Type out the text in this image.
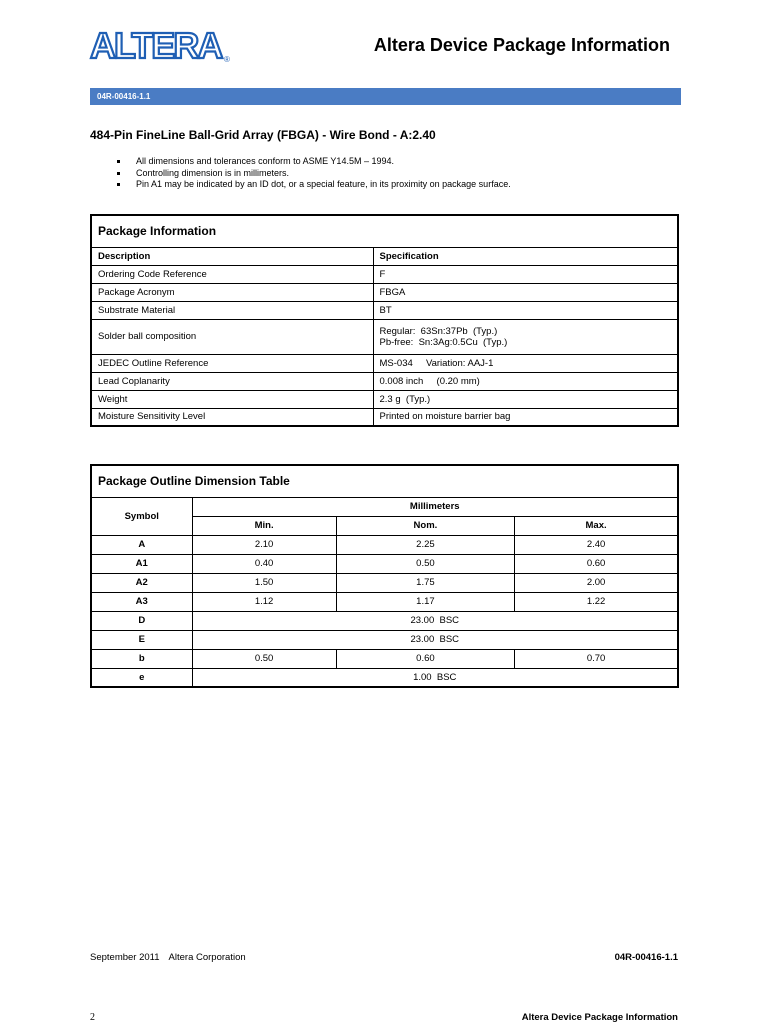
ALTERA ®
Altera Device Package Information
04R-00416-1.1
484-Pin FineLine Ball-Grid Array (FBGA) - Wire Bond - A:2.40
All dimensions and tolerances conform to ASME Y14.5M – 1994.
Controlling dimension is in millimeters.
Pin A1 may be indicated by an ID dot, or a special feature, in its proximity on package surface.
Package Information	
Description	Specification
Ordering Code Reference	F
Package Acronym	FBGA
Substrate Material	BT
Solder ball composition	Regular:  63Sn:37Pb  (Typ.)
Pb-free:  Sn:3Ag:0.5Cu  (Typ.)

JEDEC Outline Reference	MS-034     Variation: AAJ-1
Lead Coplanarity	0.008 inch     (0.20 mm)
Weight	2.3 g  (Typ.)
Moisture Sensitivity Level	Printed on moisture barrier bag
Package Outline Dimension Table			
Symbol	Millimeters		
	Min.	Nom.	Max.
A	2.10	2.25	2.40
A1	0.40	0.50	0.60
A2	1.50	1.75	2.00
A3	1.12	1.17	1.22
D	23.00  BSC		
E	23.00  BSC		
b	0.50	0.60	0.70
e	1.00  BSC		
September 2011 Altera Corporation	04R-00416-1.1
2	Altera Device Package Information
